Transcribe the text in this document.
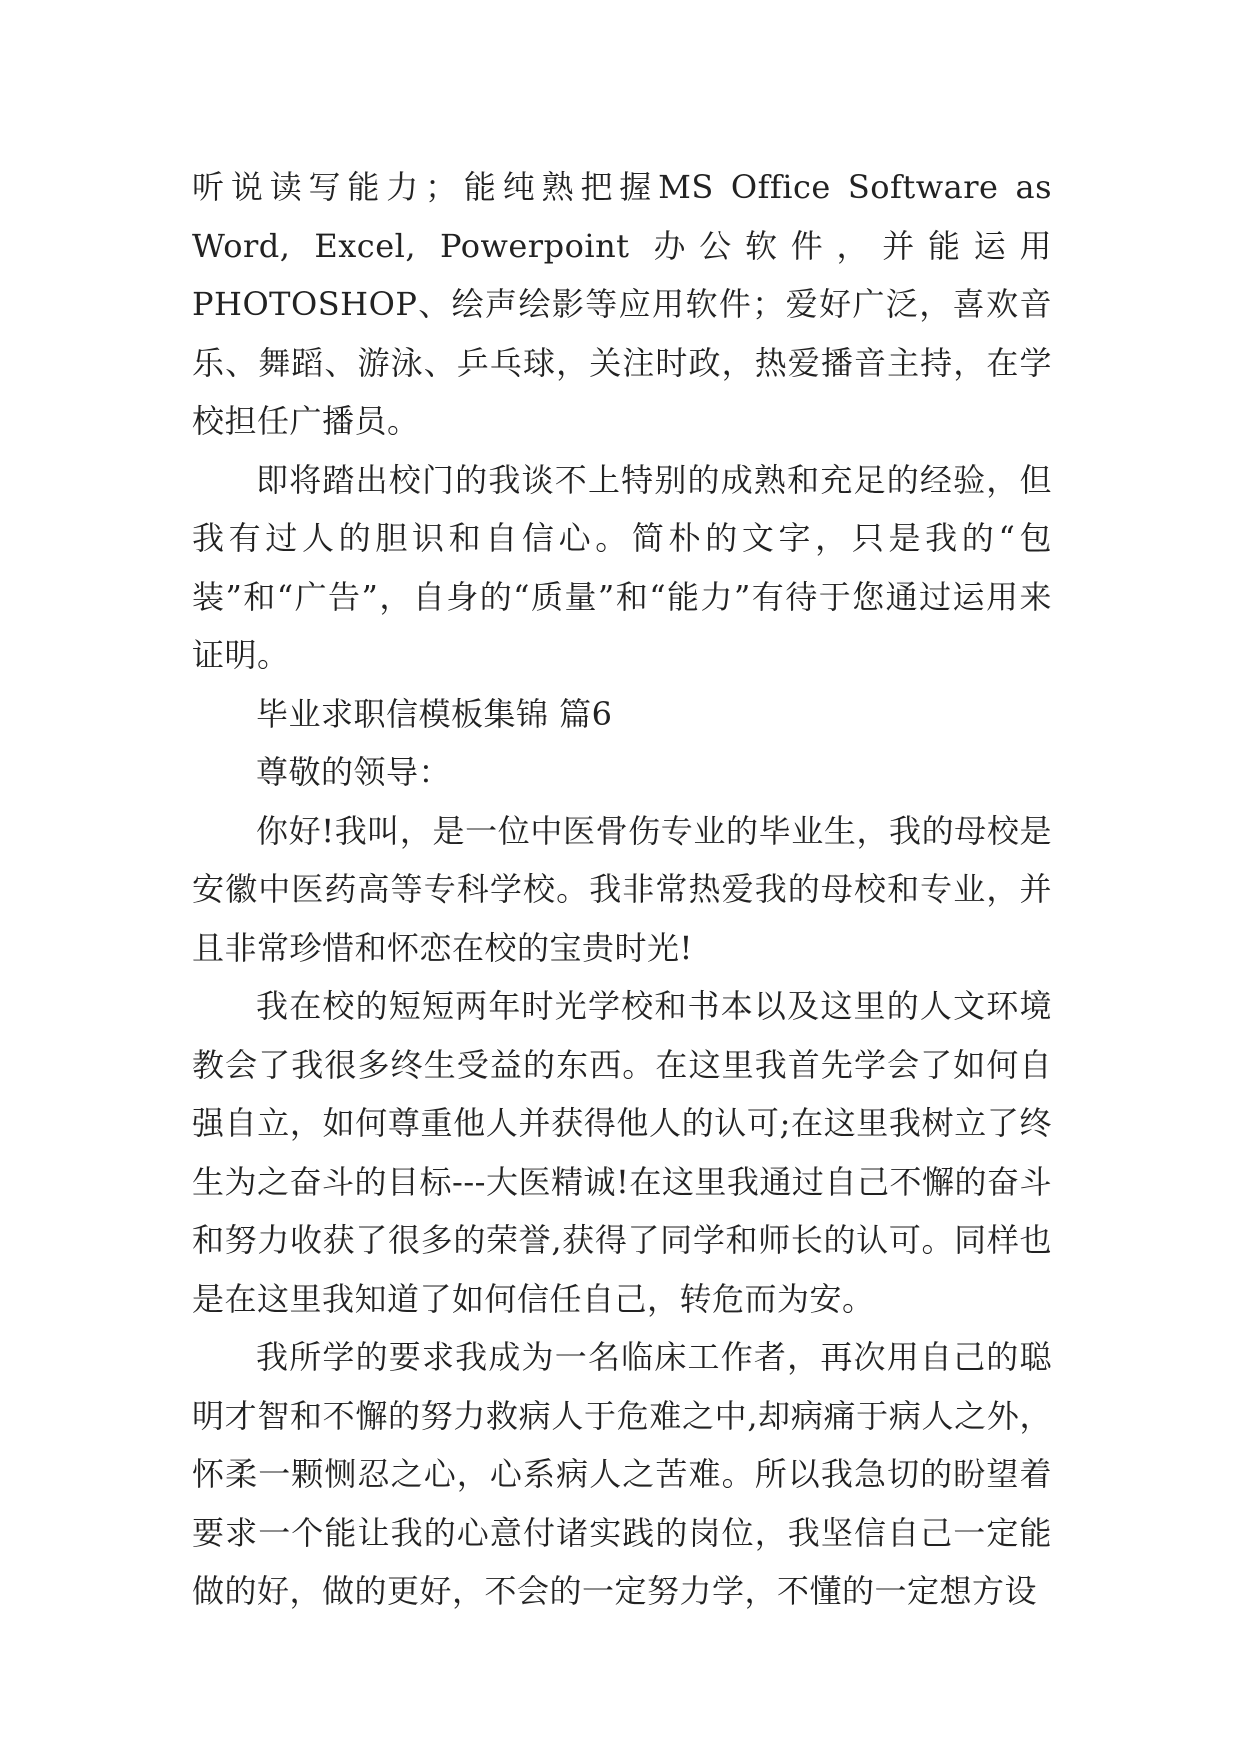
听说读写能力；能纯熟把握MS Office Software as Word, Excel, Powerpoint 办公软件，并能运用PHOTOSHOP、绘声绘影等应用软件；爱好广泛，喜欢音乐、舞蹈、游泳、乒乓球，关注时政，热爱播音主持，在学校担任广播员。

即将踏出校门的我谈不上特别的成熟和充足的经验，但我有过人的胆识和自信心。简朴的文字，只是我的“包装”和“广告”，自身的“质量”和“能力”有待于您通过运用来证明。

毕业求职信模板集锦 篇6

尊敬的领导：

你好!我叫，是一位中医骨伤专业的毕业生，我的母校是安徽中医药高等专科学校。我非常热爱我的母校和专业，并且非常珍惜和怀恋在校的宝贵时光!

我在校的短短两年时光学校和书本以及这里的人文环境教会了我很多终生受益的东西。在这里我首先学会了如何自强自立，如何尊重他人并获得他人的认可;在这里我树立了终生为之奋斗的目标---大医精诚!在这里我通过自己不懈的奋斗和努力收获了很多的荣誉,获得了同学和师长的认可。同样也是在这里我知道了如何信任自己，转危而为安。

我所学的要求我成为一名临床工作者，再次用自己的聪明才智和不懈的努力救病人于危难之中,却病痛于病人之外，怀柔一颗恻忍之心，心系病人之苦难。所以我急切的盼望着要求一个能让我的心意付诸实践的岗位，我坚信自己一定能做的好，做的更好，不会的一定努力学，不懂的一定想方设
